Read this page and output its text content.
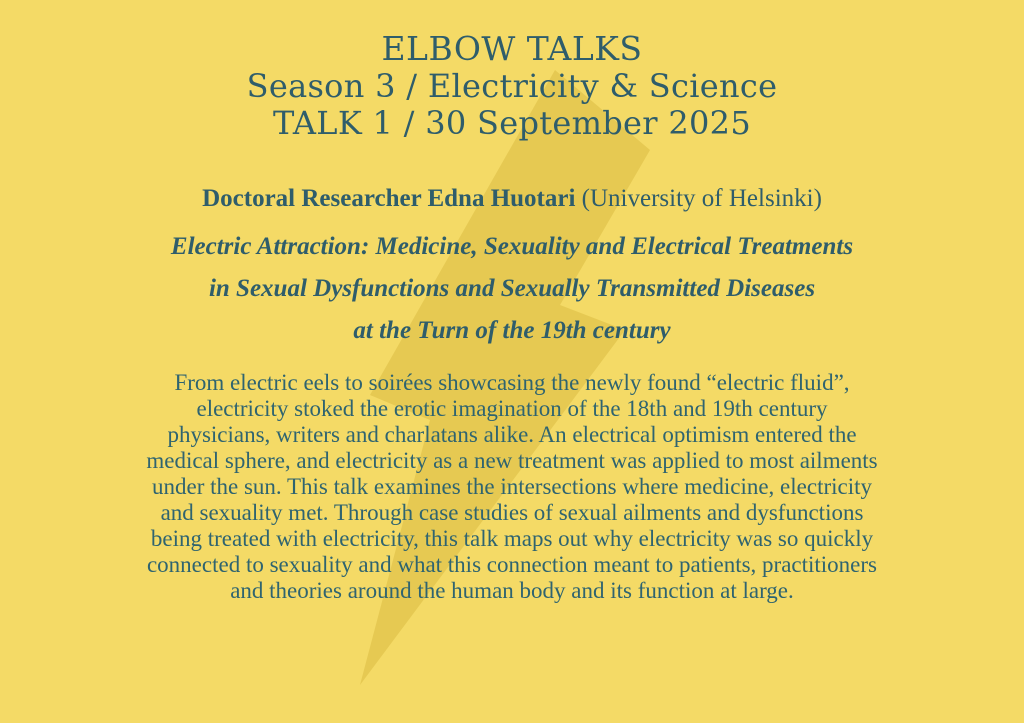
ELBOW TALKS
Season 3 / Electricity & Science
TALK 1 / 30 September 2025
Doctoral Researcher Edna Huotari (University of Helsinki)
Electric Attraction: Medicine, Sexuality and Electrical Treatments
in Sexual Dysfunctions and Sexually Transmitted Diseases
at the Turn of the 19th century
From electric eels to soirées showcasing the newly found “electric fluid”,
electricity stoked the erotic imagination of the 18th and 19th century
physicians, writers and charlatans alike. An electrical optimism entered the
medical sphere, and electricity as a new treatment was applied to most ailments
under the sun. This talk examines the intersections where medicine, electricity
and sexuality met. Through case studies of sexual ailments and dysfunctions
being treated with electricity, this talk maps out why electricity was so quickly
connected to sexuality and what this connection meant to patients, practitioners
and theories around the human body and its function at large.
